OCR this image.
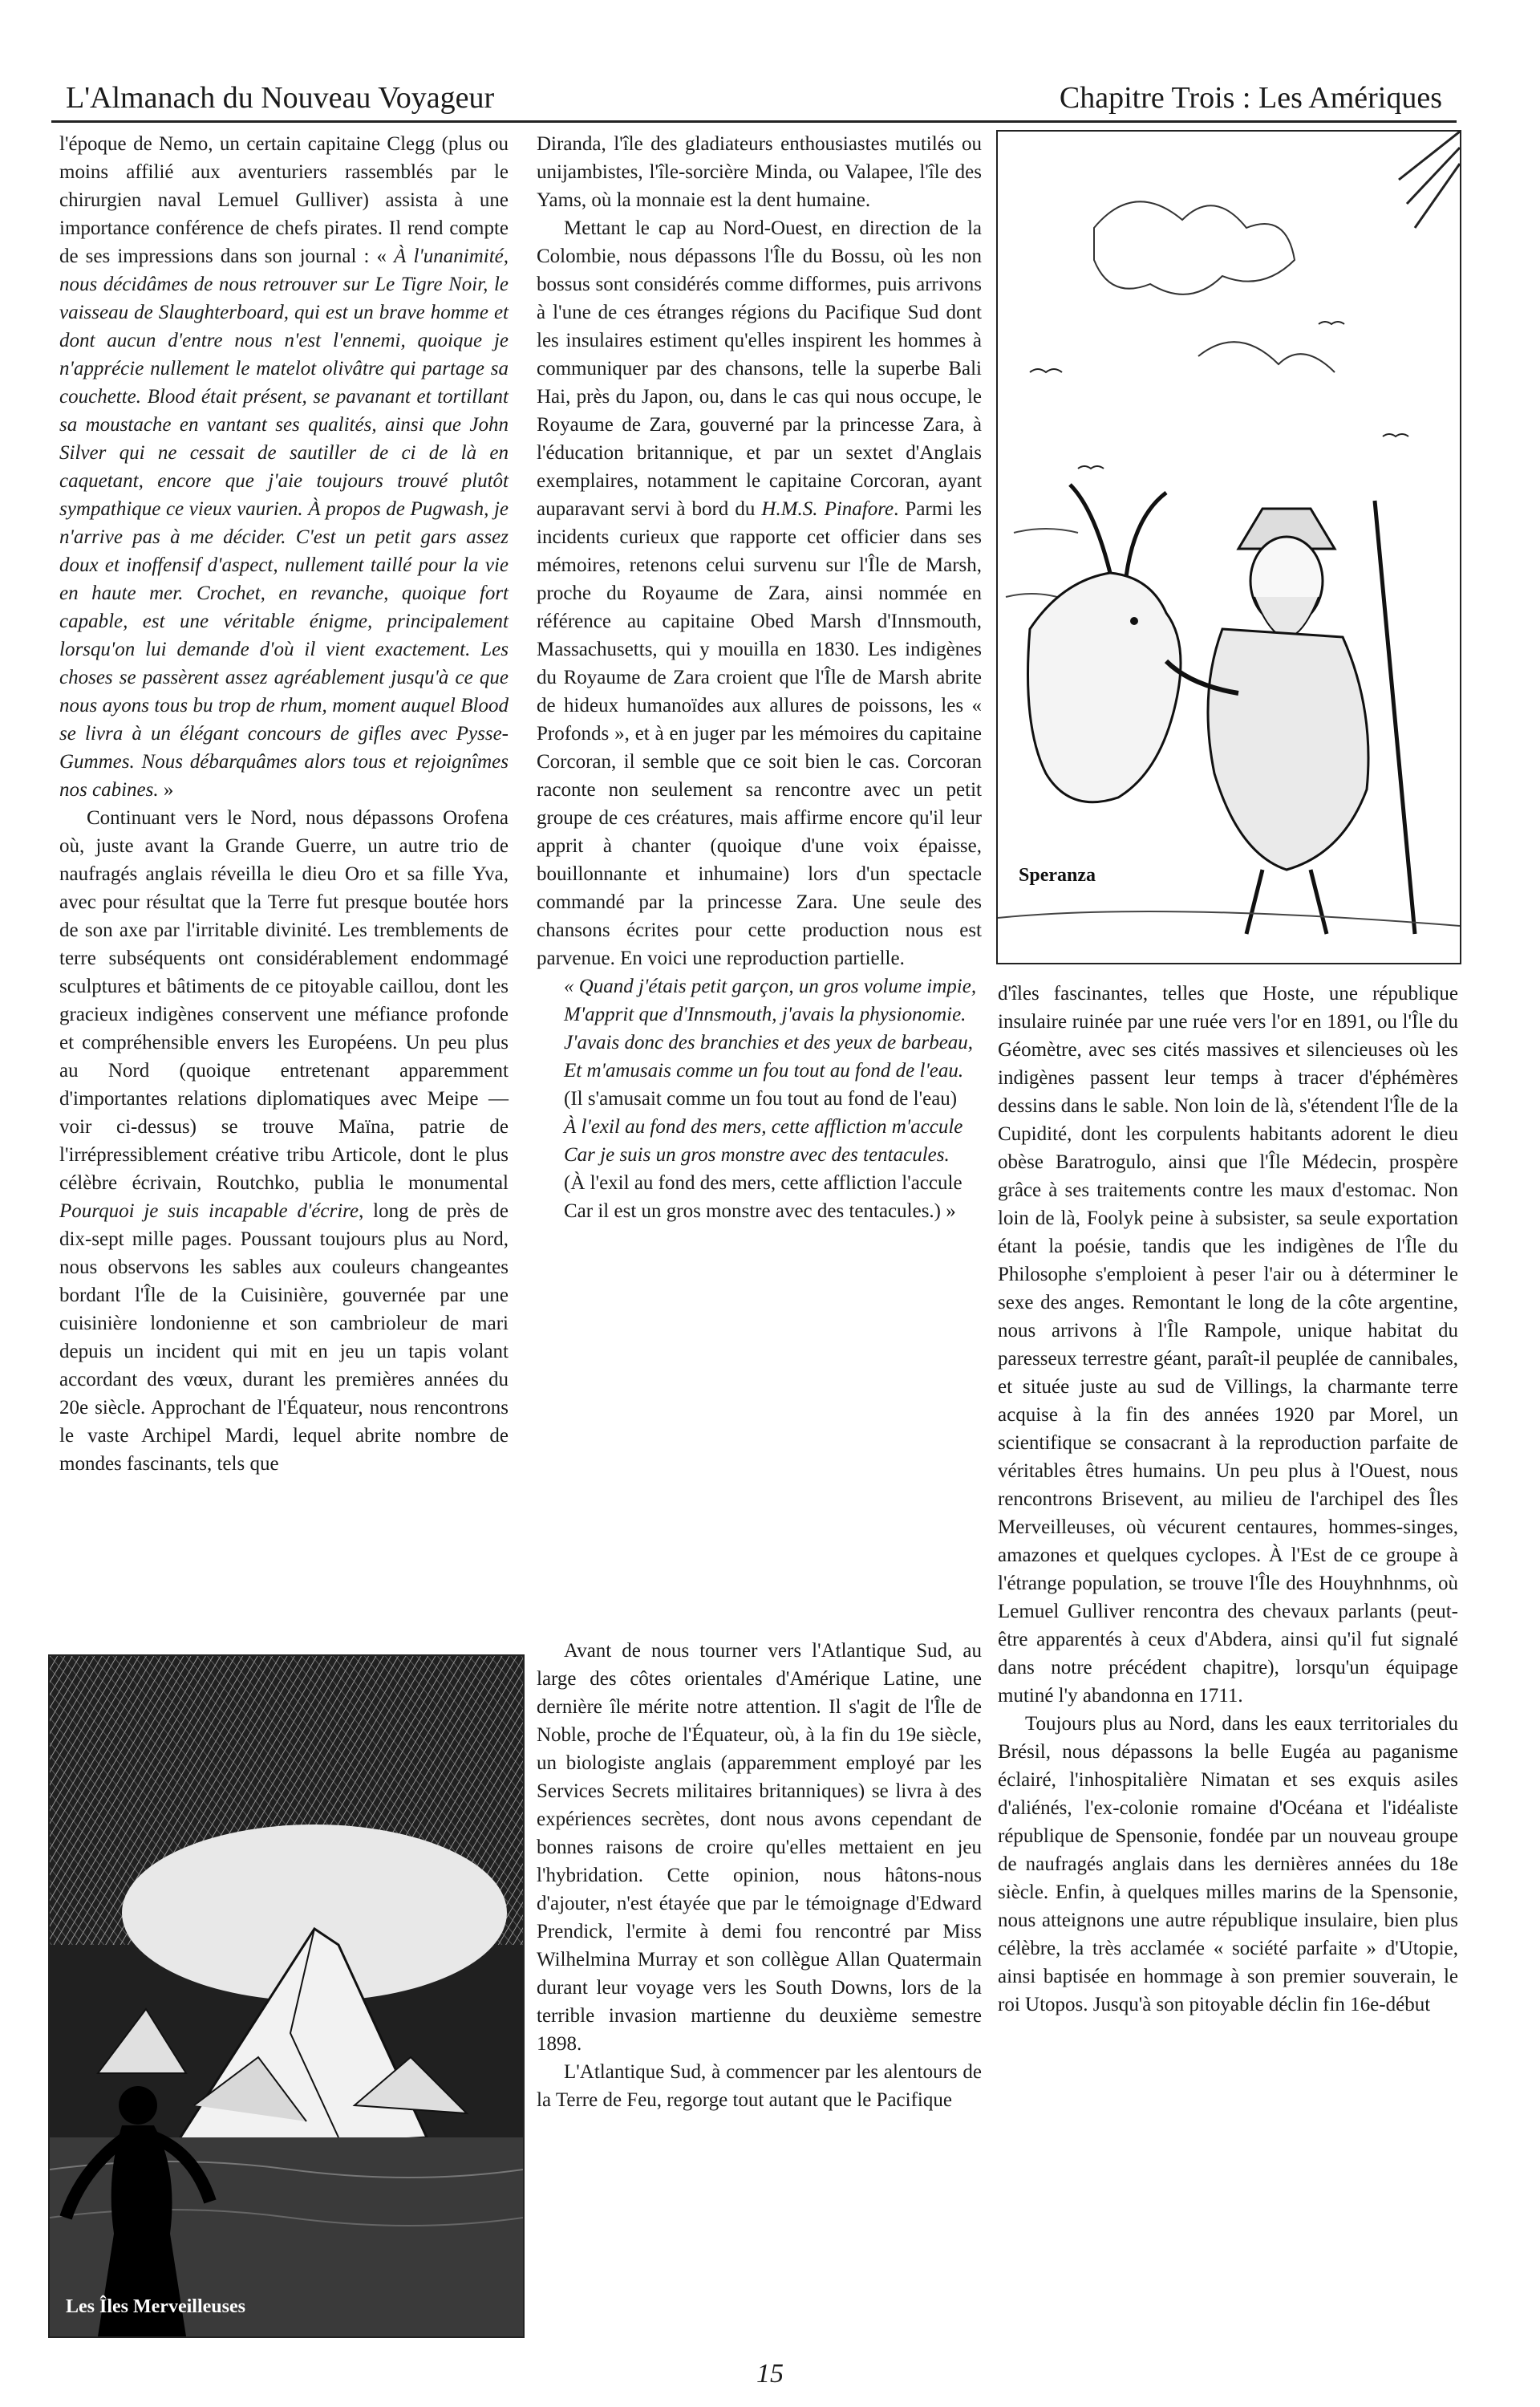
L'Almanach du Nouveau Voyageur	Chapitre Trois : Les Amériques

l'époque de Nemo, un certain capitaine Clegg (plus ou moins affilié aux aventuriers rassemblés par le chirurgien naval Lemuel Gulliver) assista à une importance conférence de chefs pirates. Il rend compte de ses impressions dans son journal : « À l'unanimité, nous décidâmes de nous retrouver sur Le Tigre Noir, le vaisseau de Slaughterboard, qui est un brave homme et dont aucun d'entre nous n'est l'ennemi, quoique je n'apprécie nullement le matelot olivâtre qui partage sa couchette. Blood était présent, se pavanant et tortillant sa moustache en vantant ses qualités, ainsi que John Silver qui ne cessait de sautiller de ci de là en caquetant, encore que j'aie toujours trouvé plutôt sympathique ce vieux vaurien. À propos de Pugwash, je n'arrive pas à me décider. C'est un petit gars assez doux et inoffensif d'aspect, nullement taillé pour la vie en haute mer. Crochet, en revanche, quoique fort capable, est une véritable énigme, principalement lorsqu'on lui demande d'où il vient exactement. Les choses se passèrent assez agréablement jusqu'à ce que nous ayons tous bu trop de rhum, moment auquel Blood se livra à un élégant concours de gifles avec Pysse-Gummes. Nous débarquâmes alors tous et rejoignîmes nos cabines. »

Continuant vers le Nord, nous dépassons Orofena où, juste avant la Grande Guerre, un autre trio de naufragés anglais réveilla le dieu Oro et sa fille Yva, avec pour résultat que la Terre fut presque boutée hors de son axe par l'irritable divinité. Les tremblements de terre subséquents ont considérablement endommagé sculptures et bâtiments de ce pitoyable caillou, dont les gracieux indigènes conservent une méfiance profonde et compréhensible envers les Européens. Un peu plus au Nord (quoique entretenant apparemment d'importantes relations diplomatiques avec Meipe — voir ci-dessus) se trouve Maïna, patrie de l'irrépressiblement créative tribu Articole, dont le plus célèbre écrivain, Routchko, publia le monumental Pourquoi je suis incapable d'écrire, long de près de dix-sept mille pages. Poussant toujours plus au Nord, nous observons les sables aux couleurs changeantes bordant l'Île de la Cuisinière, gouvernée par une cuisinière londonienne et son cambrioleur de mari depuis un incident qui mit en jeu un tapis volant accordant des vœux, durant les premières années du 20e siècle. Approchant de l'Équateur, nous rencontrons le vaste Archipel Mardi, lequel abrite nombre de mondes fascinants, tels que

Diranda, l'île des gladiateurs enthousiastes mutilés ou unijambistes, l'île-sorcière Minda, ou Valapee, l'île des Yams, où la monnaie est la dent humaine.

Mettant le cap au Nord-Ouest, en direction de la Colombie, nous dépassons l'Île du Bossu, où les non bossus sont considérés comme difformes, puis arrivons à l'une de ces étranges régions du Pacifique Sud dont les insulaires estiment qu'elles inspirent les hommes à communiquer par des chansons, telle la superbe Bali Hai, près du Japon, ou, dans le cas qui nous occupe, le Royaume de Zara, gouverné par la princesse Zara, à l'éducation britannique, et par un sextet d'Anglais exemplaires, notamment le capitaine Corcoran, ayant auparavant servi à bord du H.M.S. Pinafore. Parmi les incidents curieux que rapporte cet officier dans ses mémoires, retenons celui survenu sur l'Île de Marsh, proche du Royaume de Zara, ainsi nommée en référence au capitaine Obed Marsh d'Innsmouth, Massachusetts, qui y mouilla en 1830. Les indigènes du Royaume de Zara croient que l'Île de Marsh abrite de hideux humanoïdes aux allures de poissons, les « Profonds », et à en juger par les mémoires du capitaine Corcoran, il semble que ce soit bien le cas. Corcoran raconte non seulement sa rencontre avec un petit groupe de ces créatures, mais affirme encore qu'il leur apprit à chanter (quoique d'une voix épaisse, bouillonnante et inhumaine) lors d'un spectacle commandé par la princesse Zara. Une seule des chansons écrites pour cette production nous est parvenue. En voici une reproduction partielle.

« Quand j'étais petit garçon, un gros volume impie,

M'apprit que d'Innsmouth, j'avais la physionomie.

J'avais donc des branchies et des yeux de barbeau,

Et m'amusais comme un fou tout au fond de l'eau.

(Il s'amusait comme un fou tout au fond de l'eau)

À l'exil au fond des mers, cette affliction m'accule

Car je suis un gros monstre avec des tentacules.

(À l'exil au fond des mers, cette affliction l'accule

Car il est un gros monstre avec des tentacules.) »

Avant de nous tourner vers l'Atlantique Sud, au large des côtes orientales d'Amérique Latine, une dernière île mérite notre attention. Il s'agit de l'Île de Noble, proche de l'Équateur, où, à la fin du 19e siècle, un biologiste anglais (apparemment employé par les Services Secrets militaires britanniques) se livra à des expériences secrètes, dont nous avons cependant de bonnes raisons de croire qu'elles mettaient en jeu l'hybridation. Cette opinion, nous hâtons-nous d'ajouter, n'est étayée que par le témoignage d'Edward Prendick, l'ermite à demi fou rencontré par Miss Wilhelmina Murray et son collègue Allan Quatermain durant leur voyage vers les South Downs, lors de la terrible invasion martienne du deuxième semestre 1898.

L'Atlantique Sud, à commencer par les alentours de la Terre de Feu, regorge tout autant que le Pacifique

d'îles fascinantes, telles que Hoste, une république insulaire ruinée par une ruée vers l'or en 1891, ou l'Île du Géomètre, avec ses cités massives et silencieuses où les indigènes passent leur temps à tracer d'éphémères dessins dans le sable. Non loin de là, s'étendent l'Île de la Cupidité, dont les corpulents habitants adorent le dieu obèse Baratrogulo, ainsi que l'Île Médecin, prospère grâce à ses traitements contre les maux d'estomac. Non loin de là, Foolyk peine à subsister, sa seule exportation étant la poésie, tandis que les indigènes de l'Île du Philosophe s'emploient à peser l'air ou à déterminer le sexe des anges. Remontant le long de la côte argentine, nous arrivons à l'Île Rampole, unique habitat du paresseux terrestre géant, paraît-il peuplée de cannibales, et située juste au sud de Villings, la charmante terre acquise à la fin des années 1920 par Morel, un scientifique se consacrant à la reproduction parfaite de véritables êtres humains. Un peu plus à l'Ouest, nous rencontrons Brisevent, au milieu de l'archipel des Îles Merveilleuses, où vécurent centaures, hommes-singes, amazones et quelques cyclopes. À l'Est de ce groupe à l'étrange population, se trouve l'Île des Houyhnhnms, où Lemuel Gulliver rencontra des chevaux parlants (peut-être apparentés à ceux d'Abdera, ainsi qu'il fut signalé dans notre précédent chapitre), lorsqu'un équipage mutiné l'y abandonna en 1711.

Toujours plus au Nord, dans les eaux territoriales du Brésil, nous dépassons la belle Eugéa au paganisme éclairé, l'inhospitalière Nimatan et ses exquis asiles d'aliénés, l'ex-colonie romaine d'Océana et l'idéaliste république de Spensonie, fondée par un nouveau groupe de naufragés anglais dans les dernières années du 18e siècle. Enfin, à quelques milles marins de la Spensonie, nous atteignons une autre république insulaire, bien plus célèbre, la très acclamée « société parfaite » d'Utopie, ainsi baptisée en hommage à son premier souverain, le roi Utopos. Jusqu'à son pitoyable déclin fin 16e-début

Speranza
Les Îles Merveilleuses
15
